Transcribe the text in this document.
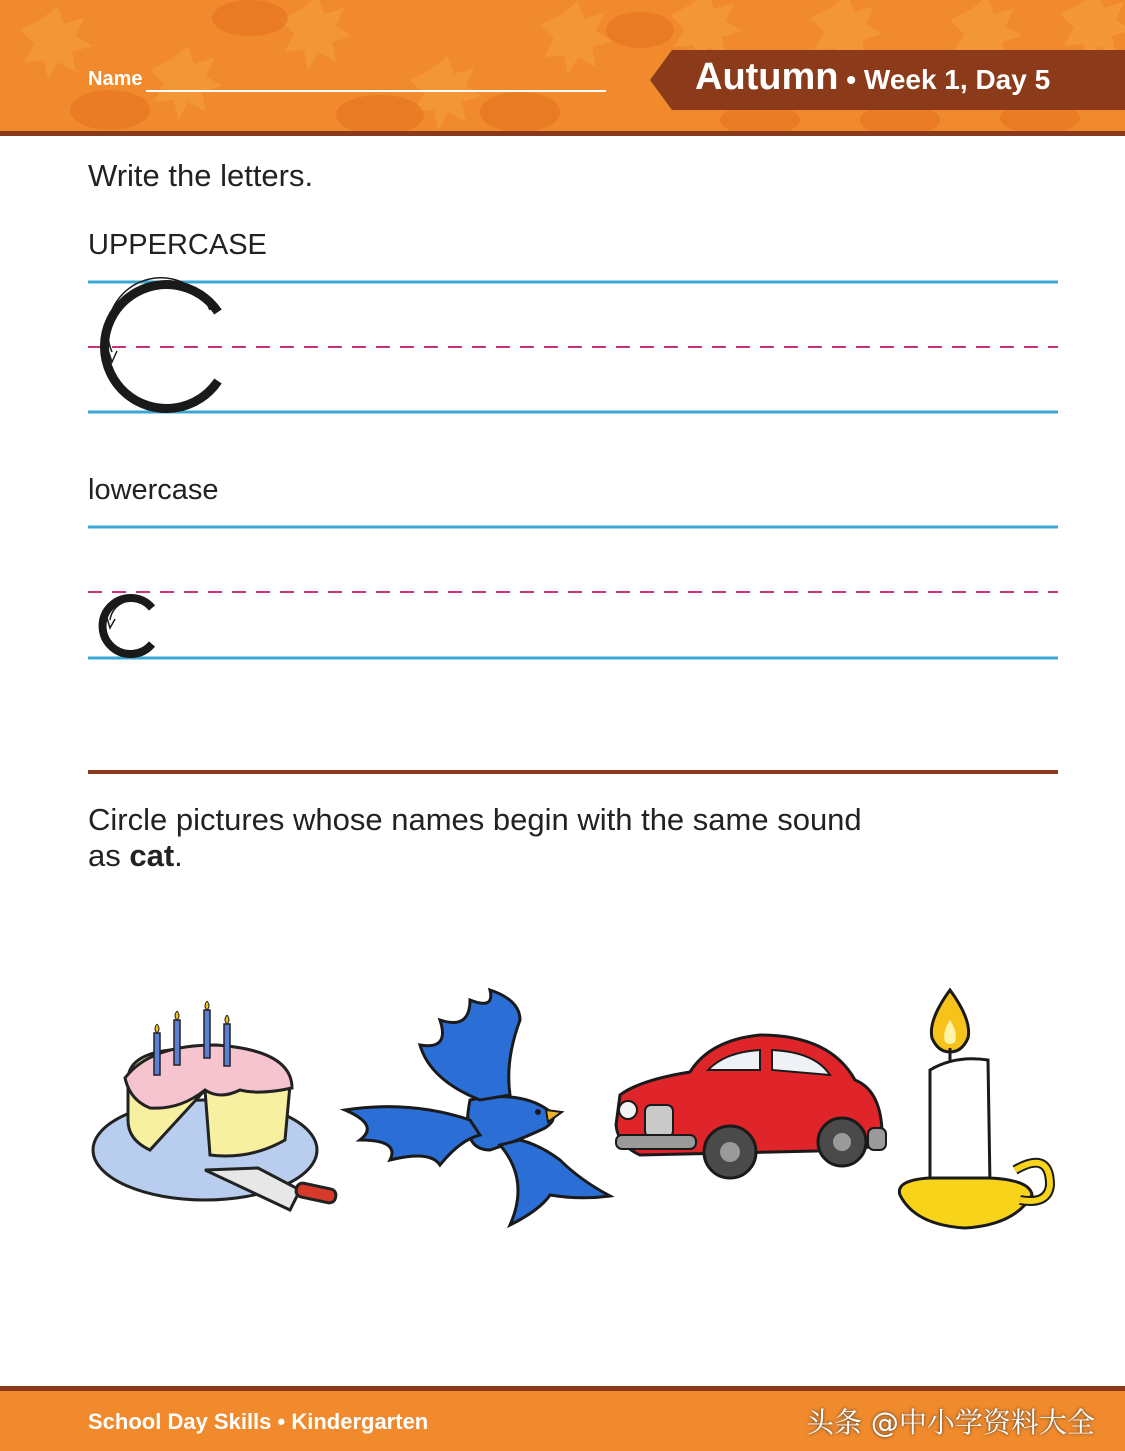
Name	Autumn • Week 1, Day 5
Write the letters.
UPPERCASE
lowercase
Circle pictures whose names begin with the same sound
as cat.
School Day Skills • Kindergarten	头条 @中小学资料大全
